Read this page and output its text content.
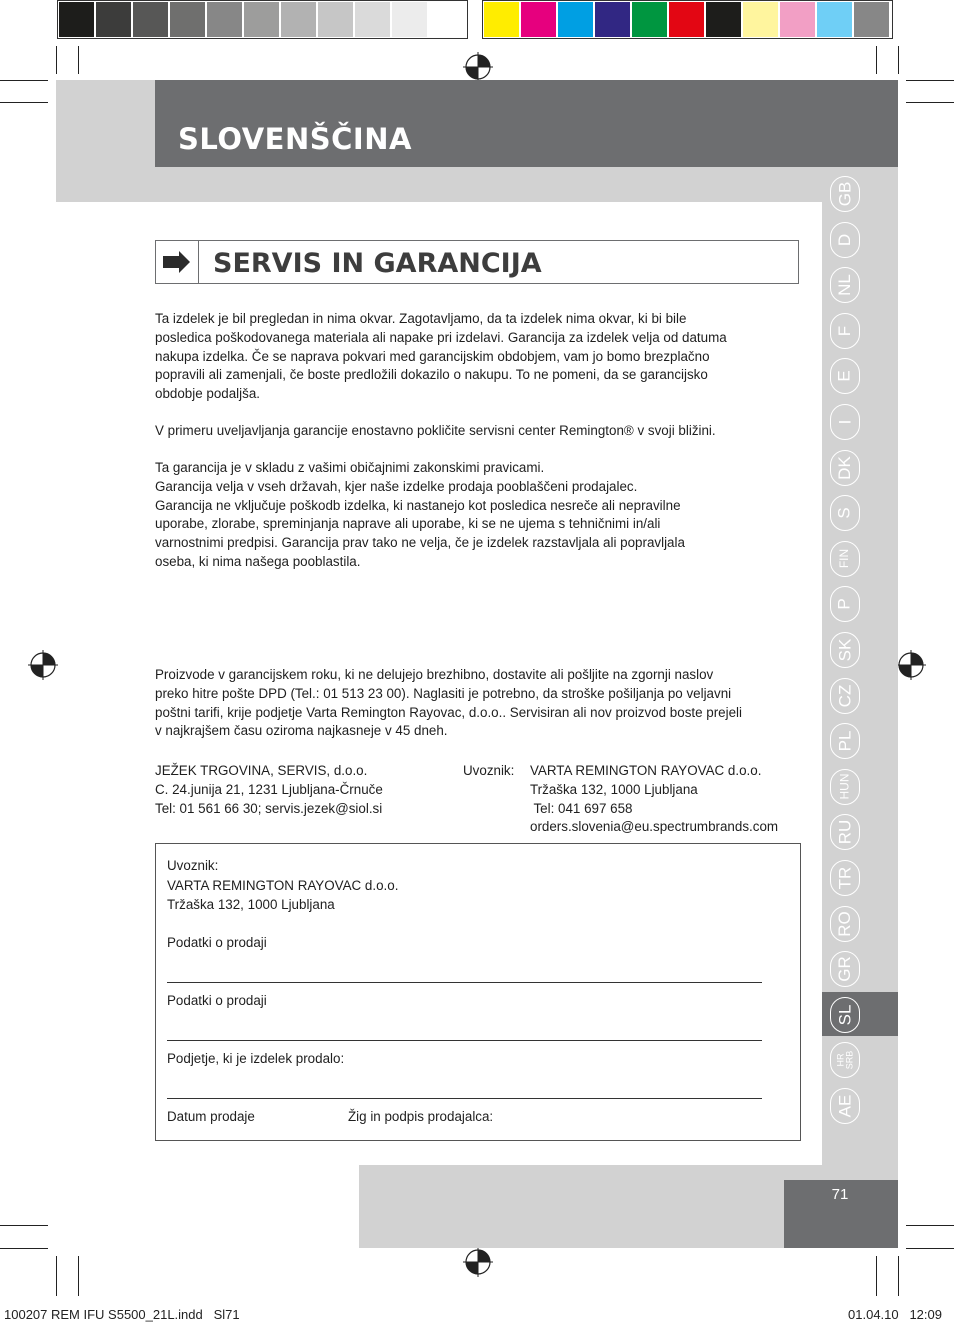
SLOVENŠČINA
GB
D
NL
F
E
I
DK
S
FIN
P
SK
CZ
PL
HUN
RU
TR
RO
GR
SL
HR SRB
AE
71
SERVIS IN GARANCIJA
Ta izdelek je bil pregledan in nima okvar. Zagotavljamo, da ta izdelek nima okvar, ki bi bile
posledica poškodovanega materiala ali napake pri izdelavi. Garancija za izdelek velja od datuma
nakupa izdelka. Če se naprava pokvari med garancijskim obdobjem, vam jo bomo brezplačno
popravili ali zamenjali, če boste predložili dokazilo o nakupu. To ne pomeni, da se garancijsko
obdobje podaljša.
V primeru uveljavljanja garancije enostavno pokličite servisni center Remington® v svoji bližini.
Ta garancija je v skladu z vašimi običajnimi zakonskimi pravicami.
Garancija velja v vseh državah, kjer naše izdelke prodaja pooblaščeni prodajalec.
Garancija ne vključuje poškodb izdelka, ki nastanejo kot posledica nesreče ali nepravilne
uporabe, zlorabe, spreminjanja naprave ali uporabe, ki se ne ujema s tehničnimi in/ali
varnostnimi predpisi. Garancija prav tako ne velja, če je izdelek razstavljala ali popravljala
oseba, ki nima našega pooblastila.
Proizvode v garancijskem roku, ki ne delujejo brezhibno, dostavite ali pošljite na zgornji naslov
preko hitre pošte DPD (Tel.: 01 513 23 00). Naglasiti je potrebno, da stroške pošiljanja po veljavni
poštni tarifi, krije podjetje Varta Remington Rayovac, d.o.o.. Servisiran ali nov proizvod boste prejeli
v najkrajšem času oziroma najkasneje v 45 dneh.
JEŽEK TRGOVINA, SERVIS, d.o.o.
C. 24.junija 21, 1231 Ljubljana-Črnuče
Tel: 01 561 66 30; servis.jezek@siol.si
Uvoznik: VARTA REMINGTON RAYOVAC d.o.o.
Tržaška 132, 1000 Ljubljana
Tel: 041 697 658
orders.slovenia@eu.spectrumbrands.com
Uvoznik:
VARTA REMINGTON RAYOVAC d.o.o.
Tržaška 132, 1000 Ljubljana
Podatki o prodaji
Podatki o prodaji
Podjetje, ki je izdelek prodalo:
Datum prodaje	Žig in podpis prodajalca:
100207 REM IFU S5500_21L.indd   Sl71	01.04.10   12:09
